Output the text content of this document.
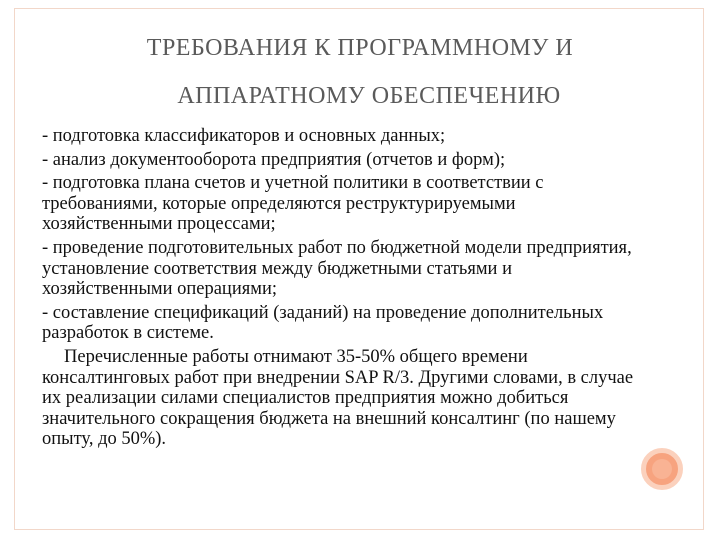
ТРЕБОВАНИЯ К ПРОГРАММНОМУ И
АППАРАТНОМУ ОБЕСПЕЧЕНИЮ

- подготовка классификаторов и основных данных;

- анализ документооборота предприятия (отчетов и форм);

- подготовка плана счетов и учетной политики в соответствии с требованиями, которые определяются реструктурируемыми хозяйственными процессами;

- проведение подготовительных работ по бюджетной модели предприятия, установление соответствия между бюджетными статьями и хозяйственными операциями;

- составление спецификаций (заданий) на проведение дополнительных разработок в системе.

Перечисленные работы отнимают 35-50% общего времени консалтинговых работ при внедрении SAP R/3. Другими словами, в случае их реализации силами специалистов предприятия можно добиться значительного сокращения бюджета на внешний консалтинг (по нашему опыту, до 50%).
